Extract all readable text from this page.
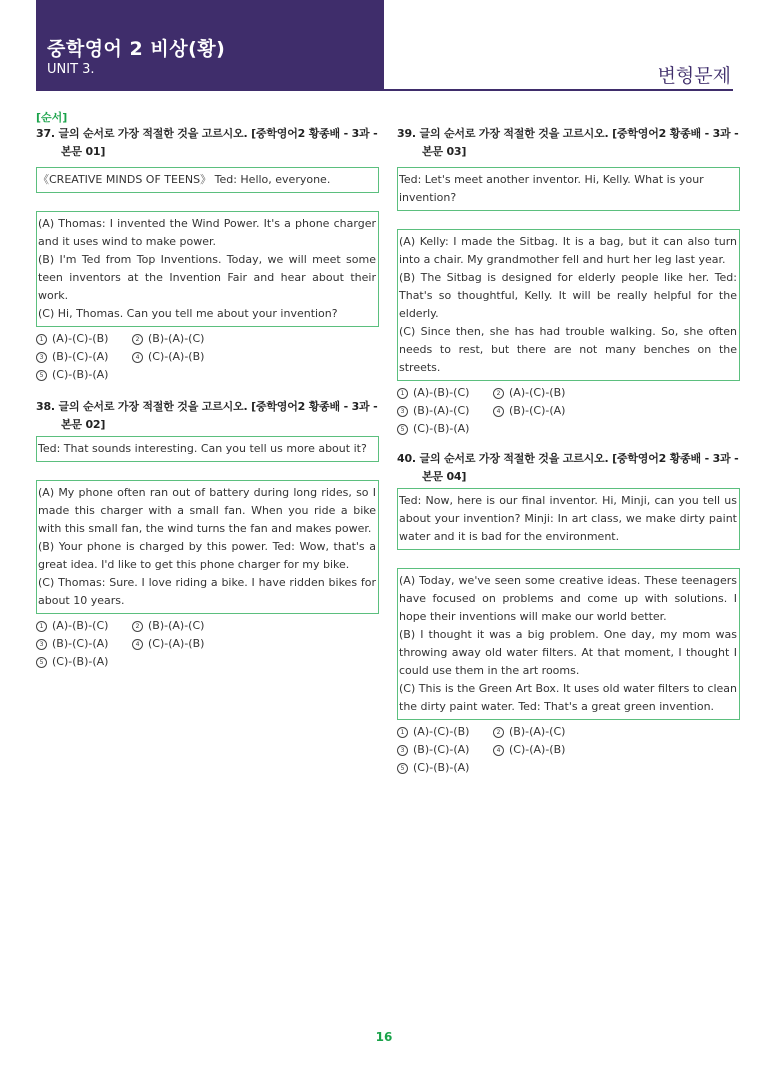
중학영어 2 비상(황)
UNIT 3.	변형문제
[순서]
37. 글의 순서로 가장 적절한 것을 고르시오. [중학영어2 황종배 - 3과 -본문 01]
《CREATIVE MINDS OF TEENS》 Ted: Hello, everyone.
(A) Thomas: I invented the Wind Power. It's a phone charger and it uses wind to make power.
(B) I'm Ted from Top Inventions. Today, we will meet some teen inventors at the Invention Fair and hear about their work.
(C) Hi, Thomas. Can you tell me about your invention?
1 (A)-(C)-(B)	2 (B)-(A)-(C)
3 (B)-(C)-(A)	4 (C)-(A)-(B)
5 (C)-(B)-(A)
38. 글의 순서로 가장 적절한 것을 고르시오. [중학영어2 황종배 - 3과 -본문 02]
Ted: That sounds interesting. Can you tell us more about it?
(A) My phone often ran out of battery during long rides, so I made this charger with a small fan. When you ride a bike with this small fan, the wind turns the fan and makes power.
(B) Your phone is charged by this power. Ted: Wow, that's a great idea. I'd like to get this phone charger for my bike.
(C) Thomas: Sure. I love riding a bike. I have ridden bikes for about 10 years.
1 (A)-(B)-(C)	2 (B)-(A)-(C)
3 (B)-(C)-(A)	4 (C)-(A)-(B)
5 (C)-(B)-(A)
39. 글의 순서로 가장 적절한 것을 고르시오. [중학영어2 황종배 - 3과 -본문 03]
Ted: Let's meet another inventor. Hi, Kelly. What is your invention?
(A) Kelly: I made the Sitbag. It is a bag, but it can also turn into a chair. My grandmother fell and hurt her leg last year.
(B) The Sitbag is designed for elderly people like her. Ted: That's so thoughtful, Kelly. It will be really helpful for the elderly.
(C) Since then, she has had trouble walking. So, she often needs to rest, but there are not many benches on the streets.
1 (A)-(B)-(C)	2 (A)-(C)-(B)
3 (B)-(A)-(C)	4 (B)-(C)-(A)
5 (C)-(B)-(A)
40. 글의 순서로 가장 적절한 것을 고르시오. [중학영어2 황종배 - 3과 -본문 04]
Ted: Now, here is our final inventor. Hi, Minji, can you tell us about your invention? Minji: In art class, we make dirty paint water and it is bad for the environment.
(A) Today, we've seen some creative ideas. These teenagers have focused on problems and come up with solutions. I hope their inventions will make our world better.
(B) I thought it was a big problem. One day, my mom was throwing away old water filters. At that moment, I thought I could use them in the art rooms.
(C) This is the Green Art Box. It uses old water filters to clean the dirty paint water. Ted: That's a great green invention.
1 (A)-(C)-(B)	2 (B)-(A)-(C)
3 (B)-(C)-(A)	4 (C)-(A)-(B)
5 (C)-(B)-(A)
16
